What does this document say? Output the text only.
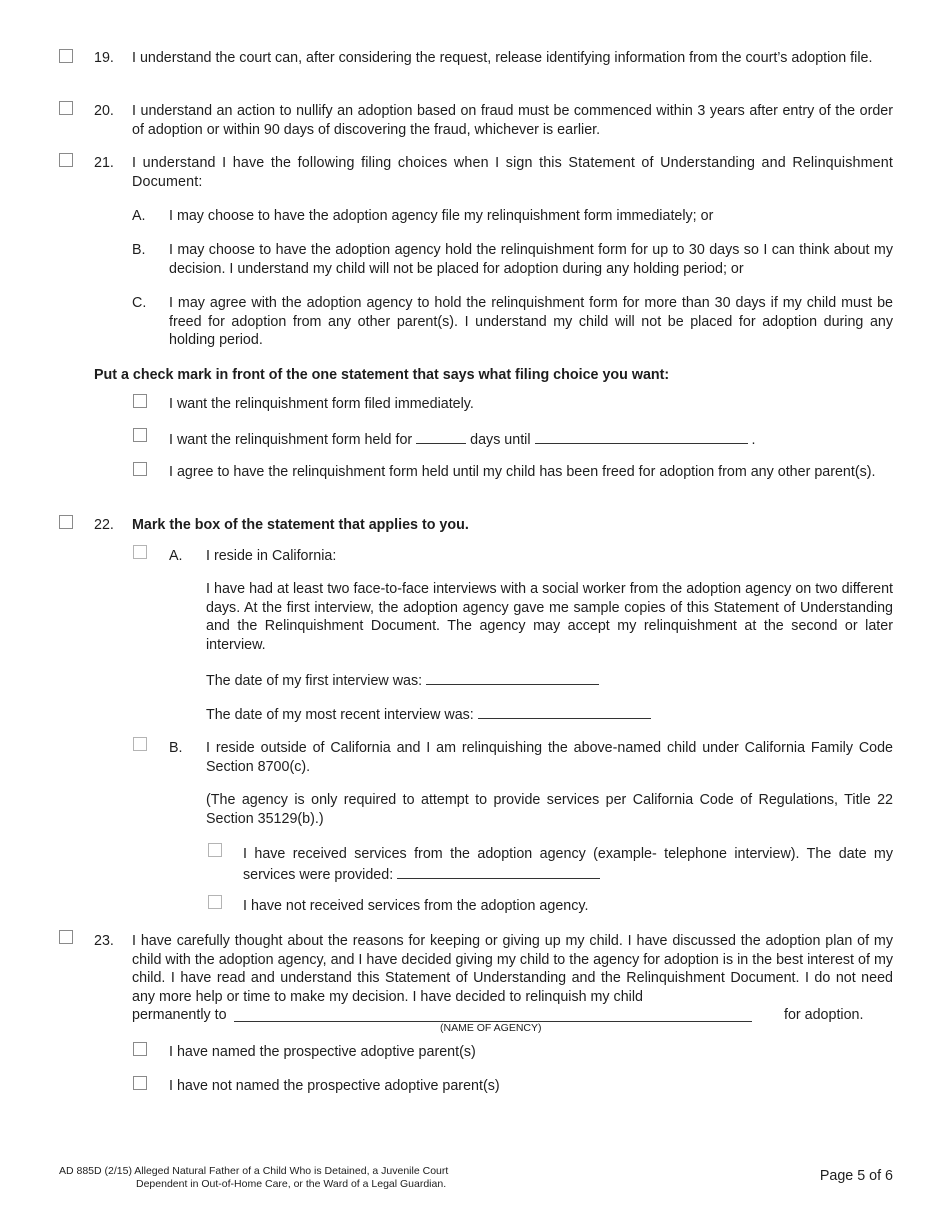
19. I understand the court can, after considering the request, release identifying information from the court’s adoption file.
20. I understand an action to nullify an adoption based on fraud must be commenced within 3 years after entry of the order of adoption or within 90 days of discovering the fraud, whichever is earlier.
21. I understand I have the following filing choices when I sign this Statement of Understanding and Relinquishment Document:
A. I may choose to have the adoption agency file my relinquishment form immediately; or
B. I may choose to have the adoption agency hold the relinquishment form for up to 30 days so I can think about my decision. I understand my child will not be placed for adoption during any holding period; or
C. I may agree with the adoption agency to hold the relinquishment form for more than 30 days if my child must be freed for adoption from any other parent(s). I understand my child will not be placed for adoption during any holding period.
Put a check mark in front of the one statement that says what filing choice you want:
I want the relinquishment form filed immediately.
I want the relinquishment form held for	days until	.
I agree to have the relinquishment form held until my child has been freed for adoption from any other parent(s).
22. Mark the box of the statement that applies to you.
A. I reside in California:
I have had at least two face-to-face interviews with a social worker from the adoption agency on two different days. At the first interview, the adoption agency gave me sample copies of this Statement of Understanding and the Relinquishment Document. The agency may accept my relinquishment at the second or later interview.
The date of my first interview was:
The date of my most recent interview was:
B. I reside outside of California and I am relinquishing the above-named child under California Family Code Section 8700(c).
(The agency is only required to attempt to provide services per California Code of Regulations, Title 22 Section 35129(b).)
I have received services from the adoption agency (example- telephone interview). The date my services were provided:
I have not received services from the adoption agency.
23. I have carefully thought about the reasons for keeping or giving up my child. I have discussed the adoption plan of my child with the adoption agency, and I have decided giving my child to the agency for adoption is in the best interest of my child. I have read and understand this Statement of Understanding and the Relinquishment Document. I do not need any more help or time to make my decision. I have decided to relinquish my child
permanently to	for adoption.
(NAME OF AGENCY)
I have named the prospective adoptive parent(s)
I have not named the prospective adoptive parent(s)
AD 885D (2/15) Alleged Natural Father of a Child Who is Detained, a Juvenile Court
Dependent in Out-of-Home Care, or the Ward of a Legal Guardian.	Page 5 of 6
